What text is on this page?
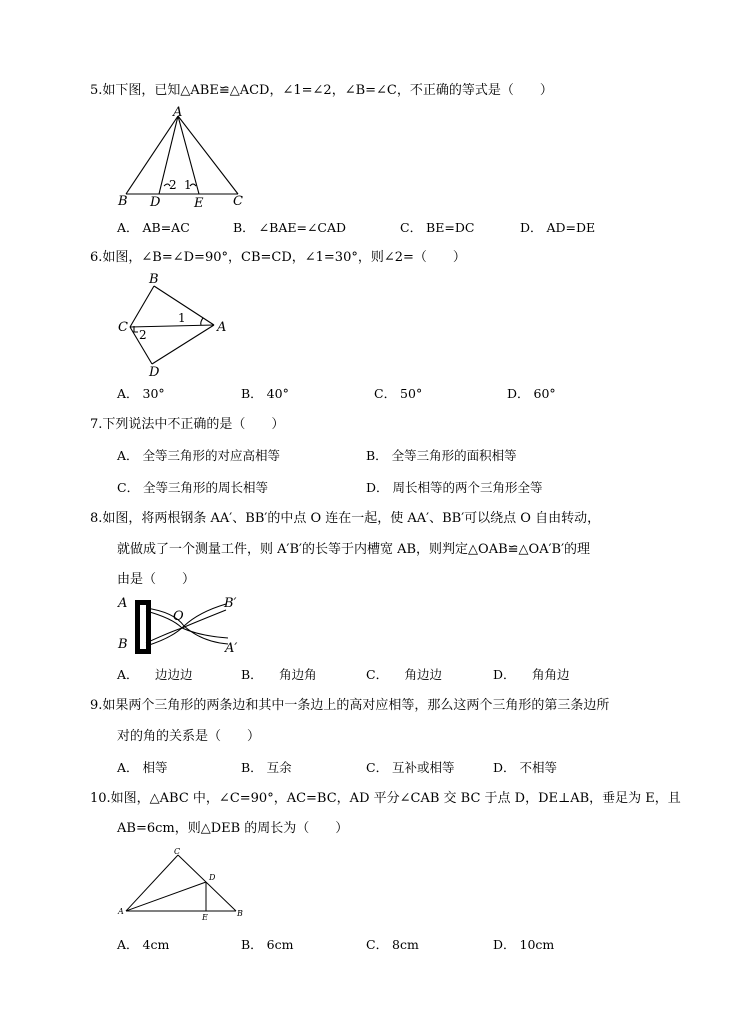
5.如下图，已知△ABE≌△ACD，∠1=∠2，∠B=∠C，不正确的等式是（　　）
A
B D	E C
2 1
A． AB=AC	B． ∠BAE=∠CAD	C． BE=DC	D． AD=DE
6.如图，∠B=∠D=90°，CB=CD，∠1=30°，则∠2=（　　）
B
C	A
D
1
2
A． 30°	B． 40°	C． 50°	D． 60°
7.下列说法中不正确的是（　　）
A． 全等三角形的对应高相等	B． 全等三角形的面积相等
C． 全等三角形的周长相等	D． 周长相等的两个三角形全等
8.如图，将两根钢条 AA′、BB′的中点 O 连在一起，使 AA′、BB′可以绕点 O 自由转动，
就做成了一个测量工件，则 A′B′的长等于内槽宽 AB，则判定△OAB≌△OA′B′的理
由是（　　）
A
B
O
B′
A′
A． 　边边边	B． 　角边角	C． 　角边边	D． 　角角边
9.如果两个三角形的两条边和其中一条边上的高对应相等，那么这两个三角形的第三条边所
对的角的关系是（　　）
A． 相等	B． 互余	C． 互补或相等	D． 不相等
10.如图，△ABC 中，∠C=90°，AC=BC，AD 平分∠CAB 交 BC 于点 D，DE⊥AB，垂足为 E，且
AB=6cm，则△DEB 的周长为（　　）
C
D
A
E	B
A． 4cm	B． 6cm	C． 8cm	D． 10cm
